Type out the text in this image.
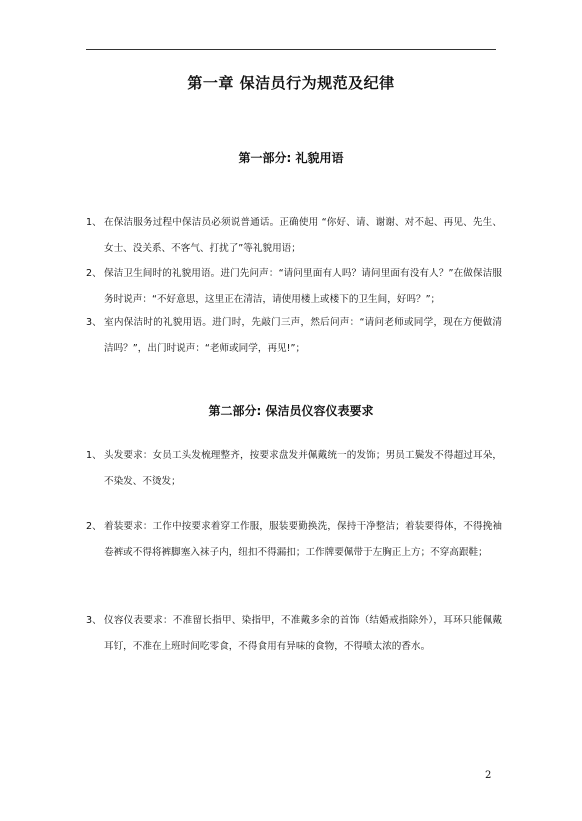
第一章 保洁员行为规范及纪律
第一部分: 礼貌用语
1、 在保洁服务过程中保洁员必须说普通话。正确使用 “你好、请、谢谢、对不起、再见、先生、女士、没关系、不客气、打扰了”等礼貌用语；
2、 保洁卫生间时的礼貌用语。进门先问声：“请问里面有人吗？请问里面有没有人？”在做保洁服务时说声：“不好意思，这里正在清洁，请使用楼上或楼下的卫生间，好吗？”；
3、 室内保洁时的礼貌用语。进门时，先敲门三声，然后问声：“请问老师或同学，现在方便做清洁吗？”，出门时说声：“老师或同学，再见!”；
第二部分: 保洁员仪容仪表要求
1、 头发要求：女员工头发梳理整齐，按要求盘发并佩戴统一的发饰；男员工鬓发不得超过耳朵，不染发、不烫发；
2、 着装要求：工作中按要求着穿工作服，服装要勤换洗，保持干净整洁；着装要得体，不得挽袖卷裤或不得将裤脚塞入袜子内，纽扣不得漏扣；工作牌要佩带于左胸正上方；不穿高跟鞋；
3、 仪容仪表要求：不准留长指甲、染指甲，不准戴多余的首饰（结婚戒指除外），耳环只能佩戴耳钉，不准在上班时间吃零食，不得食用有异味的食物，不得喷太浓的香水。
2
